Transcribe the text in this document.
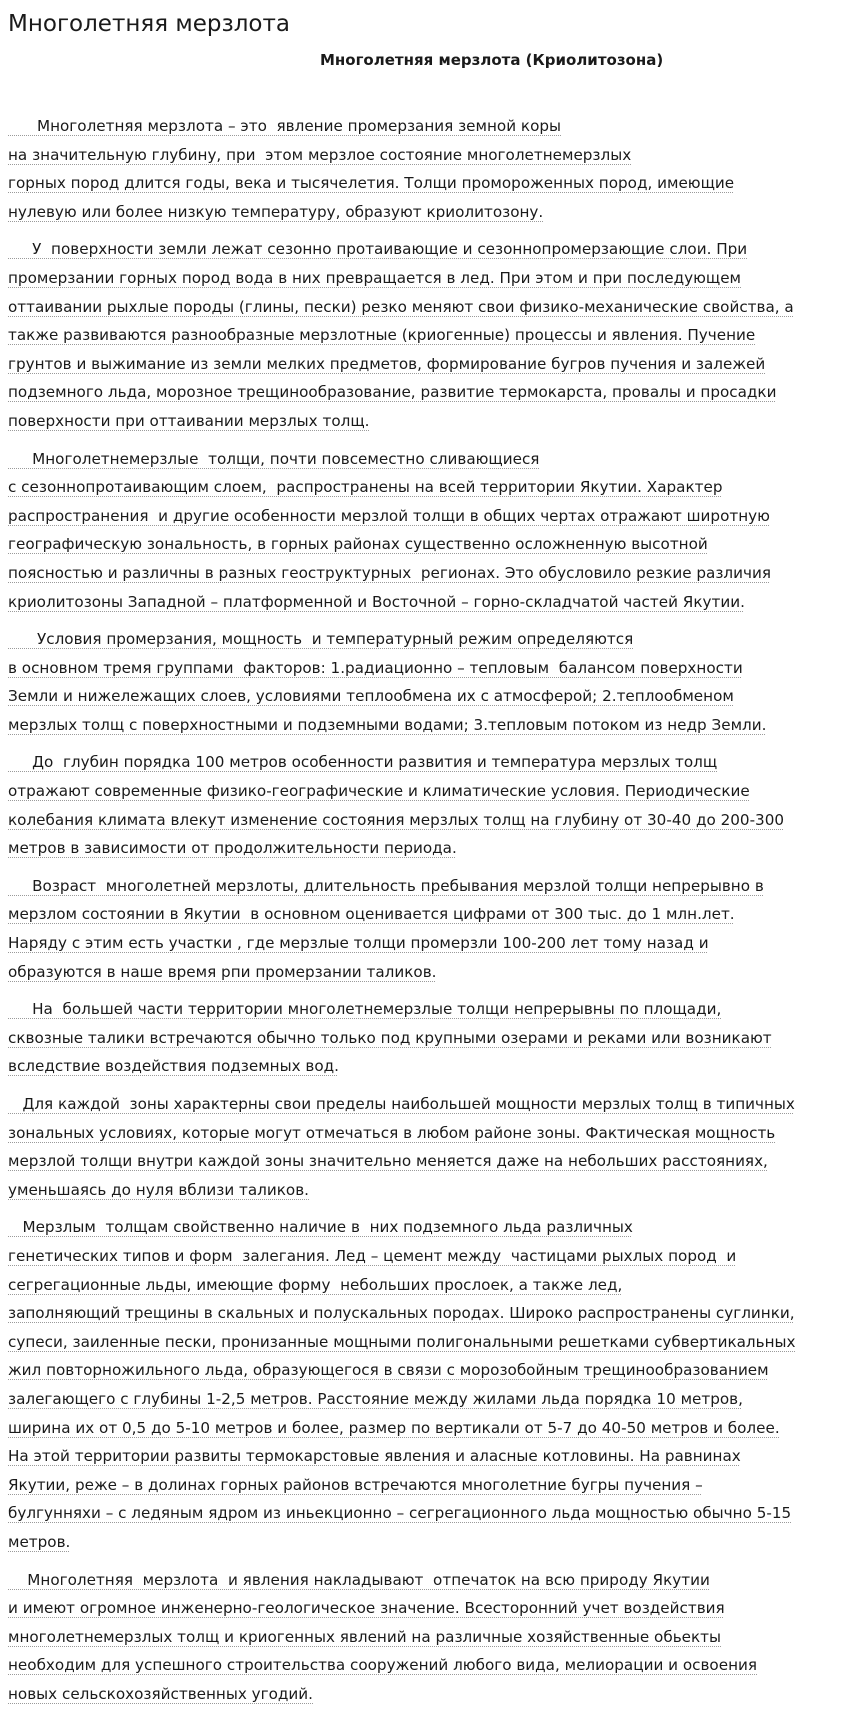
Многолетняя мерзлота
Многолетняя мерзлота (Криолитозона)

Многолетняя мерзлота – это  явление промерзания земной коры
на значительную глубину, при  этом мерзлое состояние многолетнемерзлых
горных пород длится годы, века и тысячелетия. Толщи промороженных пород, имеющие
нулевую или более низкую температуру, образуют криолитозону.

У  поверхности земли лежат сезонно протаивающие и сезоннопромерзающие слои. При
промерзании горных пород вода в них превращается в лед. При этом и при последующем
оттаивании рыхлые породы (глины, пески) резко меняют свои физико-механические свойства, а
также развиваются разнообразные мерзлотные (криогенные) процессы и явления. Пучение
грунтов и выжимание из земли мелких предметов, формирование бугров пучения и залежей
подземного льда, морозное трещинообразование, развитие термокарста, провалы и просадки
поверхности при оттаивании мерзлых толщ.

Многолетнемерзлые  толщи, почти повсеместно сливающиеся
с сезоннопротаивающим слоем,  распространены на всей территории Якутии. Характер
распространения  и другие особенности мерзлой толщи в общих чертах отражают широтную
географическую зональность, в горных районах существенно осложненную высотной
поясностью и различны в разных геоструктурных  регионах. Это обусловило резкие различия
криолитозоны Западной – платформенной и Восточной – горно-складчатой частей Якутии.

Условия промерзания, мощность  и температурный режим определяются
в основном тремя группами  факторов: 1.радиационно – тепловым  балансом поверхности
Земли и нижележащих слоев, условиями теплообмена их с атмосферой; 2.теплообменом
мерзлых толщ с поверхностными и подземными водами; 3.тепловым потоком из недр Земли.

До  глубин порядка 100 метров особенности развития и температура мерзлых толщ
отражают современные физико-географические и климатические условия. Периодические
колебания климата влекут изменение состояния мерзлых толщ на глубину от 30-40 до 200-300
метров в зависимости от продолжительности периода.

Возраст  многолетней мерзлоты, длительность пребывания мерзлой толщи непрерывно в
мерзлом состоянии в Якутии  в основном оценивается цифрами от 300 тыс. до 1 млн.лет.
Наряду с этим есть участки , где мерзлые толщи промерзли 100-200 лет тому назад и
образуются в наше время рпи промерзании таликов.

На  большей части территории многолетнемерзлые толщи непрерывны по площади,
сквозные талики встречаются обычно только под крупными озерами и реками или возникают
вследствие воздействия подземных вод.

Для каждой  зоны характерны свои пределы наибольшей мощности мерзлых толщ в типичных
зональных условиях, которые могут отмечаться в любом районе зоны. Фактическая мощность
мерзлой толщи внутри каждой зоны значительно меняется даже на небольших расстояниях,
уменьшаясь до нуля вблизи таликов.

Мерзлым  толщам свойственно наличие в  них подземного льда различных
генетических типов и форм  залегания. Лед – цемент между  частицами рыхлых пород  и
сегрегационные льды, имеющие форму  небольших прослоек, а также лед,
заполняющий трещины в скальных и полускальных породах. Широко распространены суглинки,
супеси, заиленные пески, пронизанные мощными полигональными решетками субвертикальных
жил повторножильного льда, образующегося в связи с морозобойным трещинообразованием
залегающего с глубины 1-2,5 метров. Расстояние между жилами льда порядка 10 метров,
ширина их от 0,5 до 5-10 метров и более, размер по вертикали от 5-7 до 40-50 метров и более.
На этой территории развиты термокарстовые явления и аласные котловины. На равнинах
Якутии, реже – в долинах горных районов встречаются многолетние бугры пучения –
булгунняхи – с ледяным ядром из иньекционно – сегрегационного льда мощностью обычно 5-15
метров.

Многолетняя  мерзлота  и явления накладывают  отпечаток на всю природу Якутии
и имеют огромное инженерно-геологическое значение. Всесторонний учет воздействия
многолетнемерзлых толщ и криогенных явлений на различные хозяйственные обьекты
необходим для успешного строительства сооружений любого вида, мелиорации и освоения
новых сельскохозяйственных угодий.
